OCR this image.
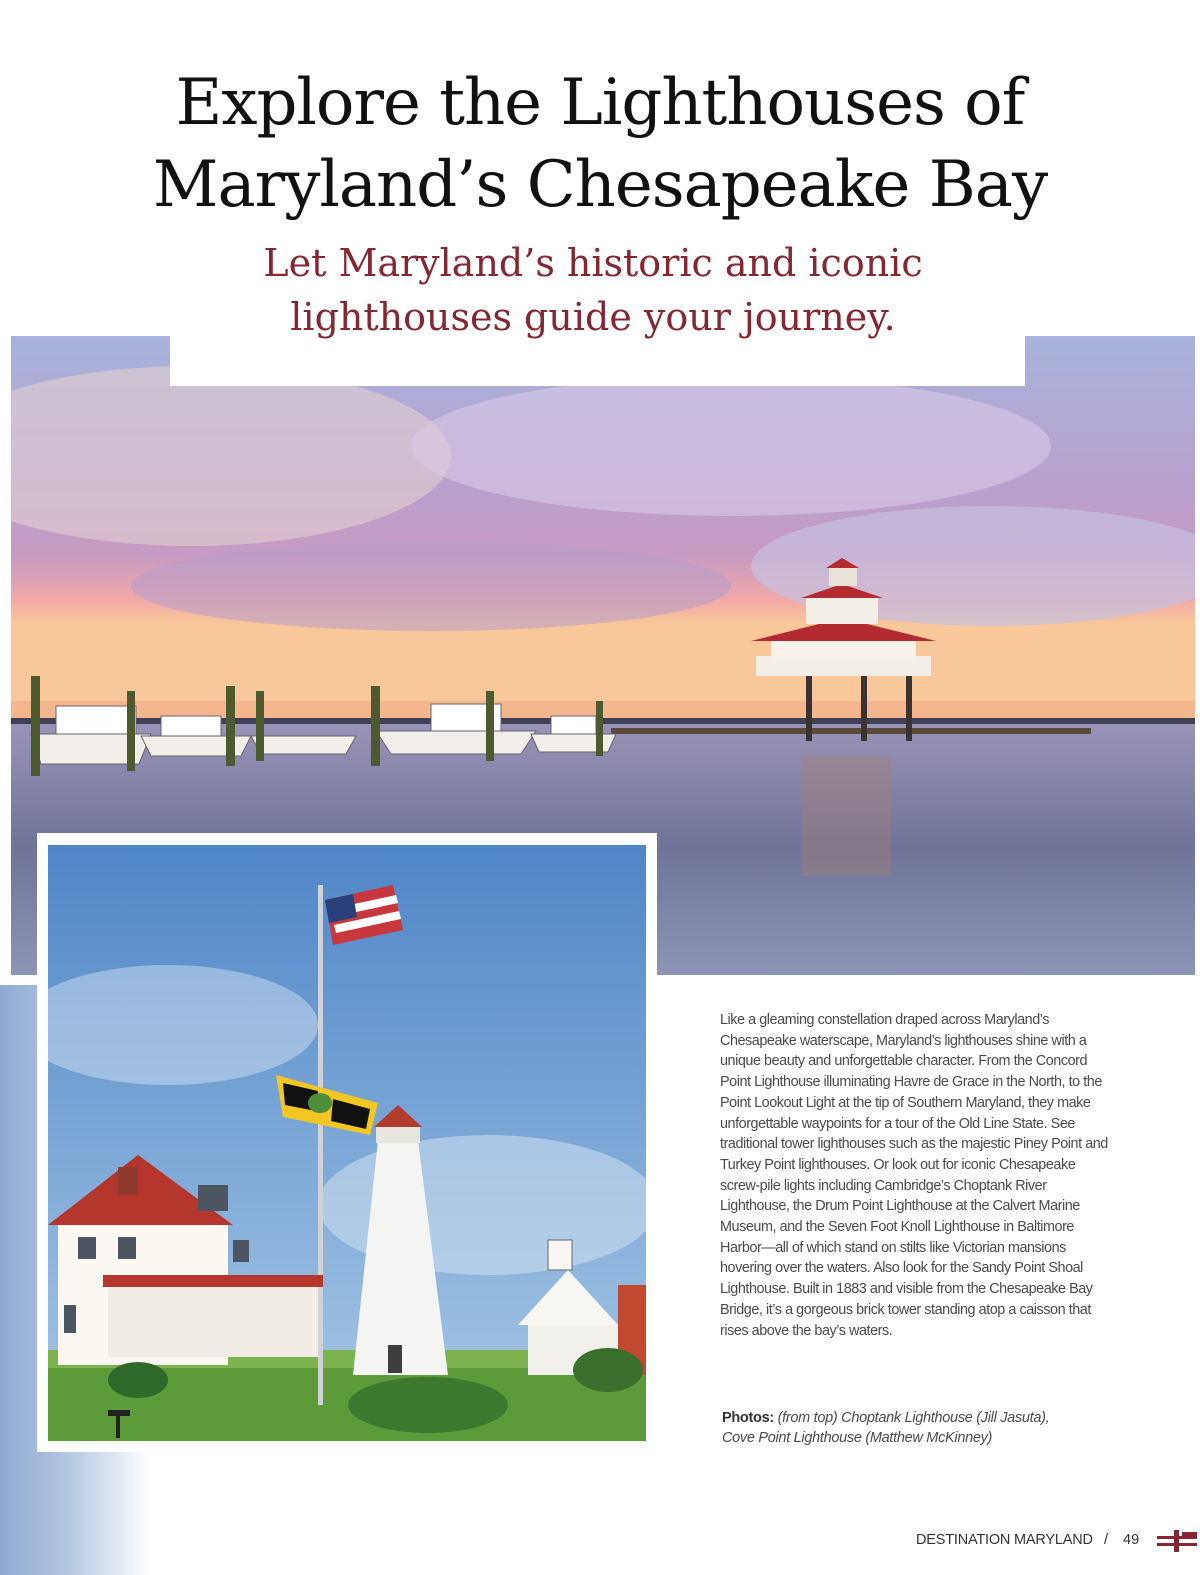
Explore the Lighthouses of
Maryland’s Chesapeake Bay
Let Maryland’s historic and iconic
lighthouses guide your journey.

Like a gleaming constellation draped across Maryland’s Chesapeake waterscape, Maryland’s lighthouses shine with a unique beauty and unforgettable character. From the Concord Point Lighthouse illuminating Havre de Grace in the North, to the Point Lookout Light at the tip of Southern Maryland, they make unforgettable waypoints for a tour of the Old Line State. See traditional tower lighthouses such as the majestic Piney Point and Turkey Point lighthouses. Or look out for iconic Chesapeake screw-pile lights including Cambridge’s Choptank River Lighthouse, the Drum Point Lighthouse at the Calvert Marine Museum, and the Seven Foot Knoll Lighthouse in Baltimore Harbor—all of which stand on stilts like Victorian mansions hovering over the waters. Also look for the Sandy Point Shoal Lighthouse. Built in 1883 and visible from the Chesapeake Bay Bridge, it’s a gorgeous brick tower standing atop a caisson that rises above the bay’s waters.

Photos: (from top) Choptank Lighthouse (Jill Jasuta),
Cove Point Lighthouse (Matthew McKinney)
DESTINATION MARYLAND / 49
